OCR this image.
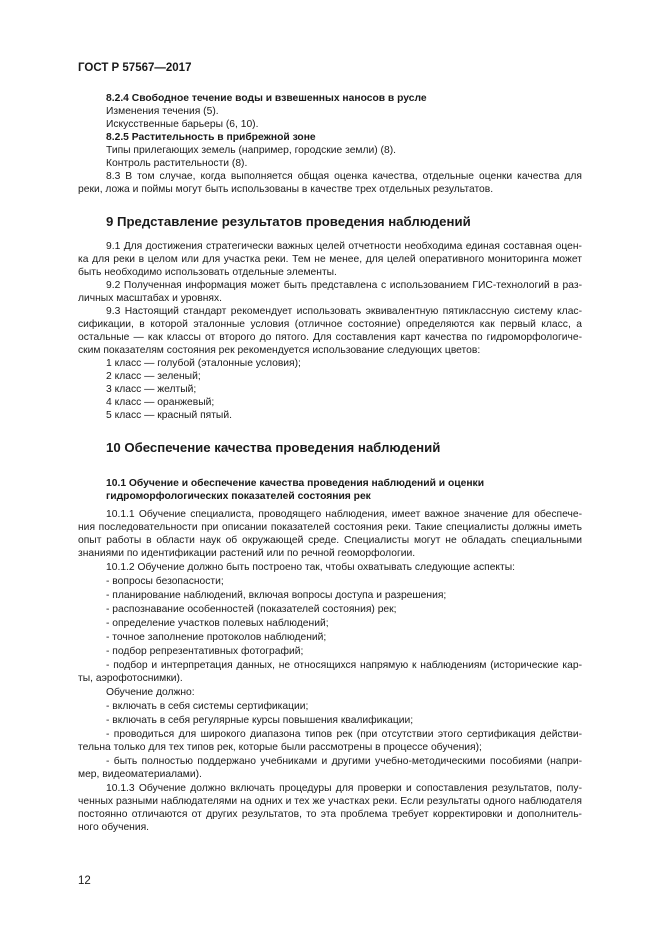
ГОСТ Р 57567—2017
8.2.4 Свободное течение воды и взвешенных наносов в русле
Изменения течения (5).
Искусственные барьеры (6, 10).
8.2.5 Растительность в прибрежной зоне
Типы прилегающих земель (например, городские земли) (8).
Контроль растительности (8).
8.3 В том случае, когда выполняется общая оценка качества, отдельные оценки качества для
реки, ложа и поймы могут быть использованы в качестве трех отдельных результатов.
9 Представление результатов проведения наблюдений
9.1 Для достижения стратегически важных целей отчетности необходима единая составная оцен-
ка для реки в целом или для участка реки. Тем не менее, для целей оперативного мониторинга может
быть необходимо использовать отдельные элементы.
9.2 Полученная информация может быть представлена с использованием ГИС-технологий в раз-
личных масштабах и уровнях.
9.3 Настоящий стандарт рекомендует использовать эквивалентную пятиклассную систему клас-
сификации, в которой эталонные условия (отличное состояние) определяются как первый класс, а
остальные — как классы от второго до пятого. Для составления карт качества по гидроморфологиче-
ским показателям состояния рек рекомендуется использование следующих цветов:
1 класс — голубой (эталонные условия);
2 класс — зеленый;
3 класс — желтый;
4 класс — оранжевый;
5 класс — красный пятый.
10 Обеспечение качества проведения наблюдений
10.1 Обучение и обеспечение качества проведения наблюдений и оценки
гидроморфологических показателей состояния рек
10.1.1 Обучение специалиста, проводящего наблюдения, имеет важное значение для обеспече-
ния последовательности при описании показателей состояния реки. Такие специалисты должны иметь
опыт работы в области наук об окружающей среде. Специалисты могут не обладать специальными
знаниями по идентификации растений или по речной геоморфологии.
10.1.2 Обучение должно быть построено так, чтобы охватывать следующие аспекты:
- вопросы безопасности;
- планирование наблюдений, включая вопросы доступа и разрешения;
- распознавание особенностей (показателей состояния) рек;
- определение участков полевых наблюдений;
- точное заполнение протоколов наблюдений;
- подбор репрезентативных фотографий;
- подбор и интерпретация данных, не относящихся напрямую к наблюдениям (исторические кар-
ты, аэрофотоснимки).
Обучение должно:
- включать в себя системы сертификации;
- включать в себя регулярные курсы повышения квалификации;
- проводиться для широкого диапазона типов рек (при отсутствии этого сертификация действи-
тельна только для тех типов рек, которые были рассмотрены в процессе обучения);
- быть полностью поддержано учебниками и другими учебно-методическими пособиями (напри-
мер, видеоматериалами).
10.1.3 Обучение должно включать процедуры для проверки и сопоставления результатов, полу-
ченных разными наблюдателями на одних и тех же участках реки. Если результаты одного наблюдателя
постоянно отличаются от других результатов, то эта проблема требует корректировки и дополнитель-
ного обучения.
12
